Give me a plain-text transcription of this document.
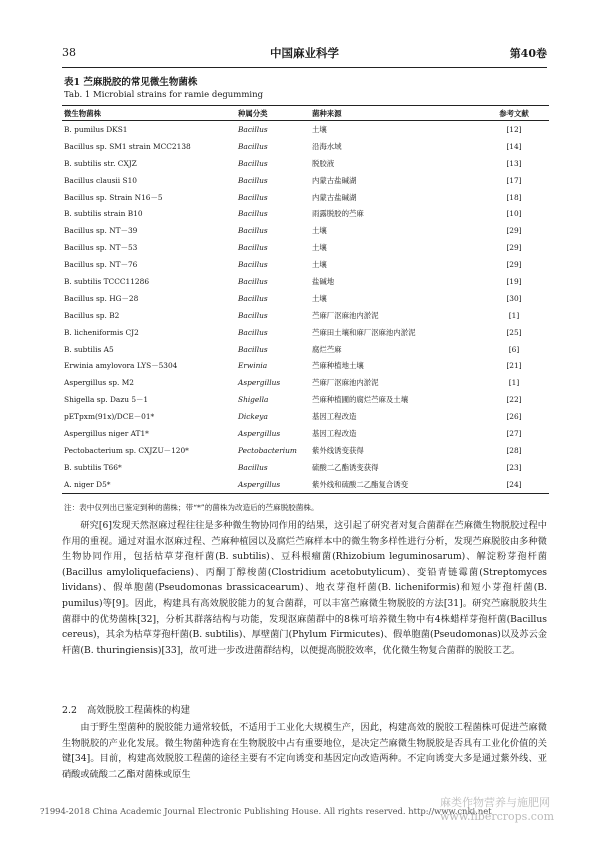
38	中国麻业科学	第40卷
表1 苎麻脱胶的常见微生物菌株
Tab. 1 Microbial strains for ramie degumming
微生物菌株	种属分类	菌种来源	参考文献
B. pumilus DKS1	Bacillus	土壤	[12]
Bacillus sp. SM1 strain MCC2138	Bacillus	沿海水域	[14]
B. subtilis str. CXJZ	Bacillus	脱胶液	[13]
Bacillus clausii S10	Bacillus	内蒙古盐碱湖	[17]
Bacillus sp. Strain N16－5	Bacillus	内蒙古盐碱湖	[18]
B. subtilis strain B10	Bacillus	雨露脱胶的苎麻	[10]
Bacillus sp. NT－39	Bacillus	土壤	[29]
Bacillus sp. NT－53	Bacillus	土壤	[29]
Bacillus sp. NT－76	Bacillus	土壤	[29]
B. subtilis TCCC11286	Bacillus	盐碱地	[19]
Bacillus sp. HG－28	Bacillus	土壤	[30]
Bacillus sp. B2	Bacillus	苎麻厂沤麻池内淤泥	[1]
B. licheniformis CJ2	Bacillus	苎麻田土壤和麻厂沤麻池内淤泥	[25]
B. subtilis A5	Bacillus	腐烂苎麻	[6]
Erwinia amylovora LYS－5304	Erwinia	苎麻种植地土壤	[21]
Aspergillus sp. M2	Aspergillus	苎麻厂沤麻池内淤泥	[1]
Shigella sp. Dazu 5－1	Shigella	苎麻种植圃的腐烂苎麻及土壤	[22]
pETpxm(91x)/DCE－01*	Dickeya	基因工程改造	[26]
Aspergillus niger AT1*	Aspergillus	基因工程改造	[27]
Pectobacterium sp. CXJZU－120*	Pectobacterium	紫外线诱变获得	[28]
B. subtilis T66*	Bacillus	硫酸二乙酯诱变获得	[23]
A. niger D5*	Aspergillus	紫外线和硫酸二乙酯复合诱变	[24]
注：表中仅列出已鉴定到种的菌株；带“*”的菌株为改造后的苎麻脱胶菌株。

研究[6]发现天然沤麻过程往往是多种微生物协同作用的结果，这引起了研究者对复合菌群在苎麻微生物脱胶过程中作用的重视。通过对温水沤麻过程、苎麻种植园以及腐烂苎麻样本中的微生物多样性进行分析，发现苎麻脱胶由多种微生物协同作用，包括枯草芽孢杆菌(B. subtilis)、豆科根瘤菌(Rhizobium leguminosarum)、解淀粉芽孢杆菌(Bacillus amyloliquefaciens)、丙酮丁醇梭菌(Clostridium acetobutylicum)、变铅青链霉菌(Streptomyces lividans)、假单胞菌(Pseudomonas brassicacearum)、地衣芽孢杆菌(B. licheniformis)和短小芽孢杆菌(B. pumilus)等[9]。因此，构建具有高效脱胶能力的复合菌群，可以丰富苎麻微生物脱胶的方法[31]。研究苎麻脱胶共生菌群中的优势菌株[32]，分析其群落结构与功能，发现沤麻菌群中的8株可培养微生物中有4株蜡样芽孢杆菌(Bacillus cereus)，其余为枯草芽孢杆菌(B. subtilis)、厚壁菌门(Phylum Firmicutes)、假单胞菌(Pseudomonas)以及苏云金杆菌(B. thuringiensis)[33]，故可进一步改进菌群结构，以便提高脱胶效率，优化微生物复合菌群的脱胶工艺。

2.2 高效脱胶工程菌株的构建

由于野生型菌种的脱胶能力通常较低，不适用于工业化大规模生产，因此，构建高效的脱胶工程菌株可促进苎麻微生物脱胶的产业化发展。微生物菌种选育在生物脱胶中占有重要地位，是决定苎麻微生物脱胶是否具有工业化价值的关键[34]。目前，构建高效脱胶工程菌的途径主要有不定向诱变和基因定向改造两种。不定向诱变大多是通过紫外线、亚硝酸或硫酸二乙酯对菌株或原生

?1994-2018 China Academic Journal Electronic Publishing House. All rights reserved. http://www.cnki.net
麻类作物营养与施肥网
www.fibercrops.com
